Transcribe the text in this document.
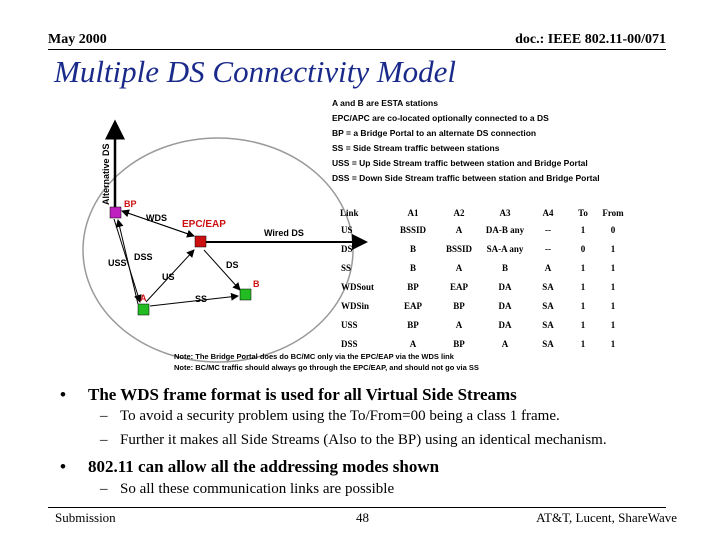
May 2000	doc.: IEEE 802.11-00/071
Multiple DS Connectivity Model
Alternative DS
Wired DS
WDS
DSS
USS
US
DS
SS
BP
EPC/EAP
A
B
A and B are ESTA stations
EPC/APC are co-located optionally connected to a DS
BP = a Bridge Portal to an alternate DS connection
SS = Side Stream traffic between stations
USS = Up Side Stream traffic between station and Bridge Portal
DSS = Down Side Stream traffic between station and Bridge Portal
Link	A1	A2	A3	A4	To	From
US	BSSID	A	DA-B any	--	1	0
DS	B	BSSID	SA-A any	--	0	1
SS	B	A	B	A	1	1
WDSout	BP	EAP	DA	SA	1	1
WDSin	EAP	BP	DA	SA	1	1
USS	BP	A	DA	SA	1	1
DSS	A	BP	A	SA	1	1
Note: The Bridge Portal does do BC/MC only via the EPC/EAP via the WDS link
Note: BC/MC traffic should always go through the EPC/EAP, and should not go via SS
• The WDS frame format is used for all Virtual Side Streams
– To avoid a security problem using the To/From=00 being a class 1 frame.
– Further it makes all Side Streams (Also to the BP) using an identical mechanism.
• 802.11 can allow all the addressing modes shown
– So all these communication links are possible
Submission	48	AT&T, Lucent, ShareWave
